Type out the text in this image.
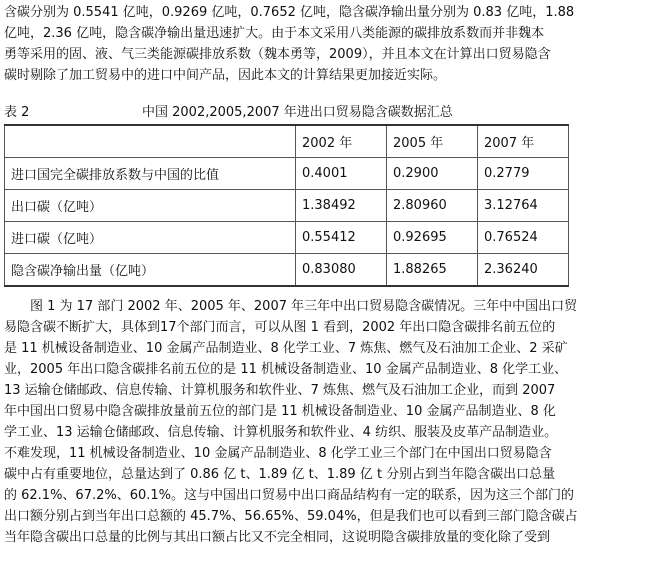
含碳分别为 0.5541 亿吨，0.9269 亿吨，0.7652 亿吨，隐含碳净输出量分别为 0.83 亿吨，1.88
亿吨，2.36 亿吨，隐含碳净输出量迅速扩大。由于本文采用八类能源的碳排放系数而并非魏本
勇等采用的固、液、气三类能源碳排放系数（魏本勇等，2009），并且本文在计算出口贸易隐含
碳时剔除了加工贸易中的进口中间产品，因此本文的计算结果更加接近实际。
表 2	中国 2002,2005,2007 年进出口贸易隐含碳数据汇总
	2002 年	2005 年	2007 年
进口国完全碳排放系数与中国的比值	0.4001	0.2900	0.2779
出口碳（亿吨）	1.38492	2.80960	3.12764
进口碳（亿吨）	0.55412	0.92695	0.76524
隐含碳净输出量（亿吨）	0.83080	1.88265	2.36240
图 1 为 17 部门 2002 年、2005 年、2007 年三年中出口贸易隐含碳情况。三年中中国出口贸
易隐含碳不断扩大，具体到17个部门而言，可以从图 1 看到，2002 年出口隐含碳排名前五位的
是 11 机械设备制造业、10 金属产品制造业、8 化学工业、7 炼焦、燃气及石油加工企业、2 采矿
业，2005 年出口隐含碳排名前五位的是 11 机械设备制造业、10 金属产品制造业、8 化学工业、
13 运输仓储邮政、信息传输、计算机服务和软件业、7 炼焦、燃气及石油加工企业，而到 2007
年中国出口贸易中隐含碳排放量前五位的部门是 11 机械设备制造业、10 金属产品制造业、8 化
学工业、13 运输仓储邮政、信息传输、计算机服务和软件业、4 纺织、服装及皮革产品制造业。
不难发现，11 机械设备制造业、10 金属产品制造业、8 化学工业三个部门在中国出口贸易隐含
碳中占有重要地位，总量达到了 0.86 亿 t、1.89 亿 t、1.89 亿 t 分别占到当年隐含碳出口总量
的 62.1%、67.2%、60.1%。这与中国出口贸易中出口商品结构有一定的联系，因为这三个部门的
出口额分别占到当年出口总额的 45.7%、56.65%、59.04%，但是我们也可以看到三部门隐含碳占
当年隐含碳出口总量的比例与其出口额占比又不完全相同，这说明隐含碳排放量的变化除了受到
